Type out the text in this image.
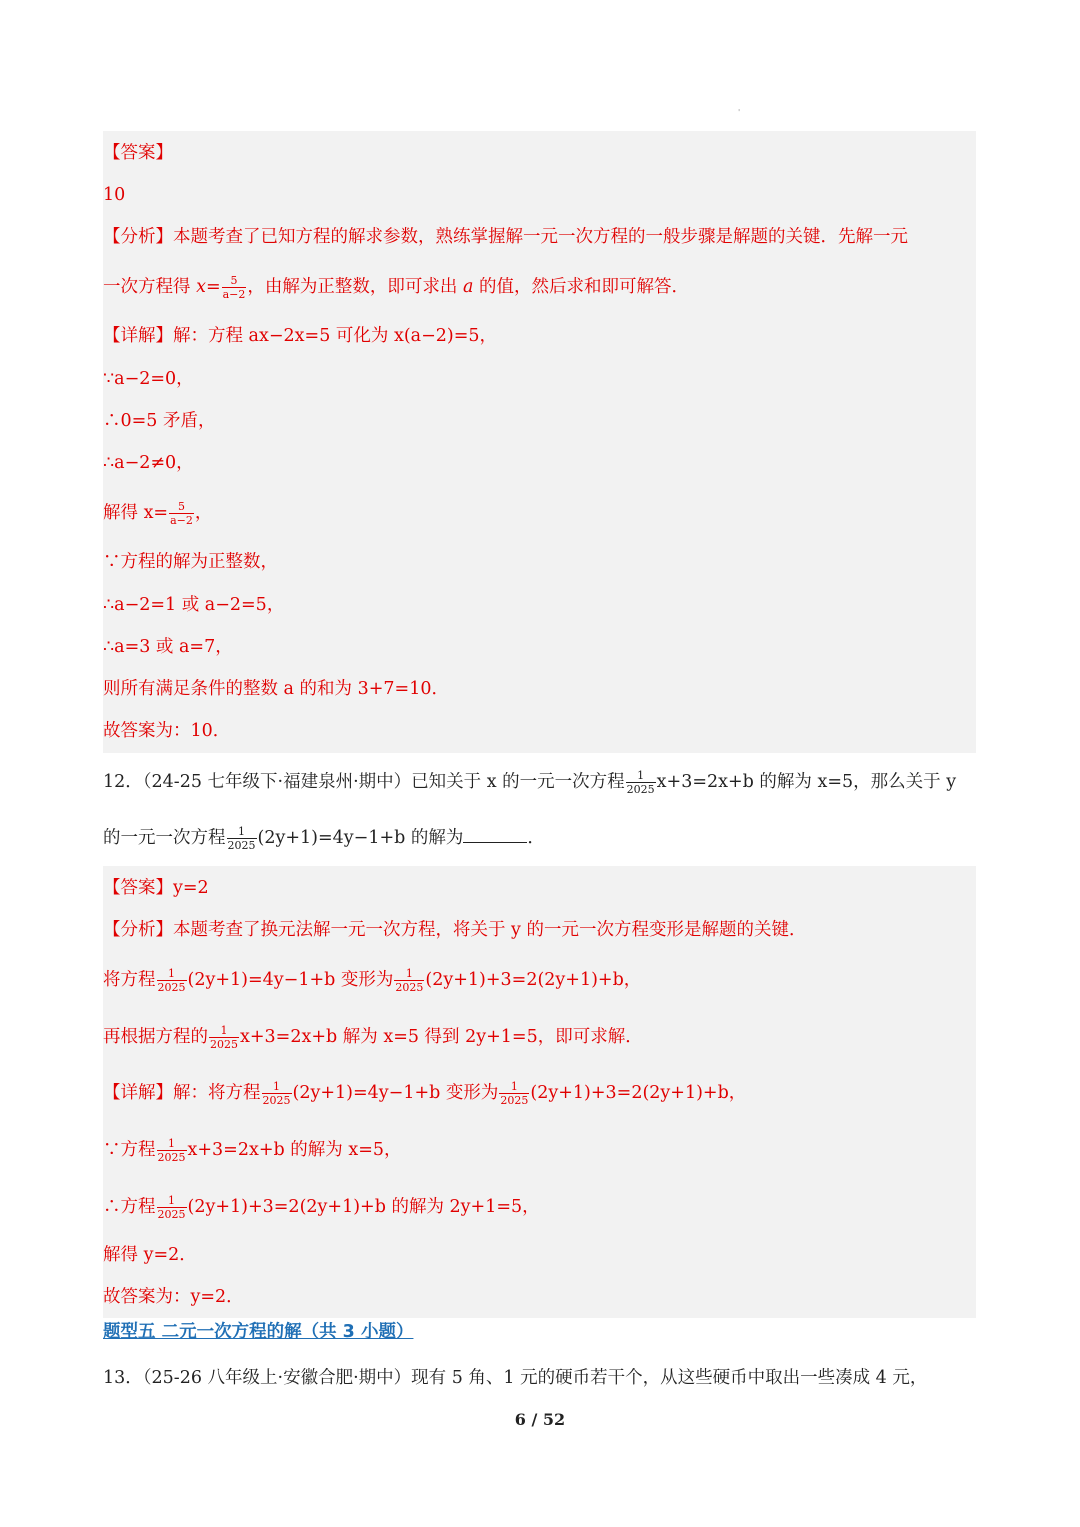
'
【答案】
10
【分析】本题考查了已知方程的解求参数，熟练掌握解一元一次方程的一般步骤是解题的关键．先解一元
一次方程得 $x= \frac{5}{a-2}$ ，由解为正整数，即可求出 a 的值，然后求和即可解答．
【详解】解：方程 ax−2x=5 可化为 x(a−2)=5，
∵a−2=0，
∴0=5 矛盾，
∴a−2≠0，
解得 $x= \frac{5}{a-2}$ ，
∵方程的解为正整数，
∴a−2=1 或 a−2=5，
∴a=3 或 a=7，
则所有满足条件的整数 a 的和为 3+7=10．
故答案为：10．
12．（24-25 七年级下·福建泉州·期中）已知关于 x 的一元一次方程 $\frac{1}{2025} x+3=2x+b$ 的解为 x=5，那么关于 y
的一元一次方程 $\frac{1}{2025} (2y+1)=4y-1+b$ 的解为	．
【答案】y=2
【分析】本题考查了换元法解一元一次方程，将关于 y 的一元一次方程变形是解题的关键．
将方程 $\frac{1}{2025} (2y+1)=4y-1+b$ 变形为 $\frac{1}{2025} (2y+1)+3=2(2y+1)+b$，
再根据方程的 $\frac{1}{2025} x+3=2x+b$ 解为 x=5 得到 2y+1=5，即可求解．
【详解】解：将方程 $\frac{1}{2025} (2y+1)=4y-1+b$ 变形为 $\frac{1}{2025} (2y+1)+3=2(2y+1)+b$，
∵方程 $\frac{1}{2025} x+3=2x+b$ 的解为 x=5，
∴方程 $\frac{1}{2025} (2y+1)+3=2(2y+1)+b$ 的解为 2y+1=5，
解得 y=2．
故答案为：y=2．
题型五 二元一次方程的解（共 3 小题）
13．（25-26 八年级上·安徽合肥·期中）现有 5 角、1 元的硬币若干个，从这些硬币中取出一些凑成 4 元，
6 / 52
